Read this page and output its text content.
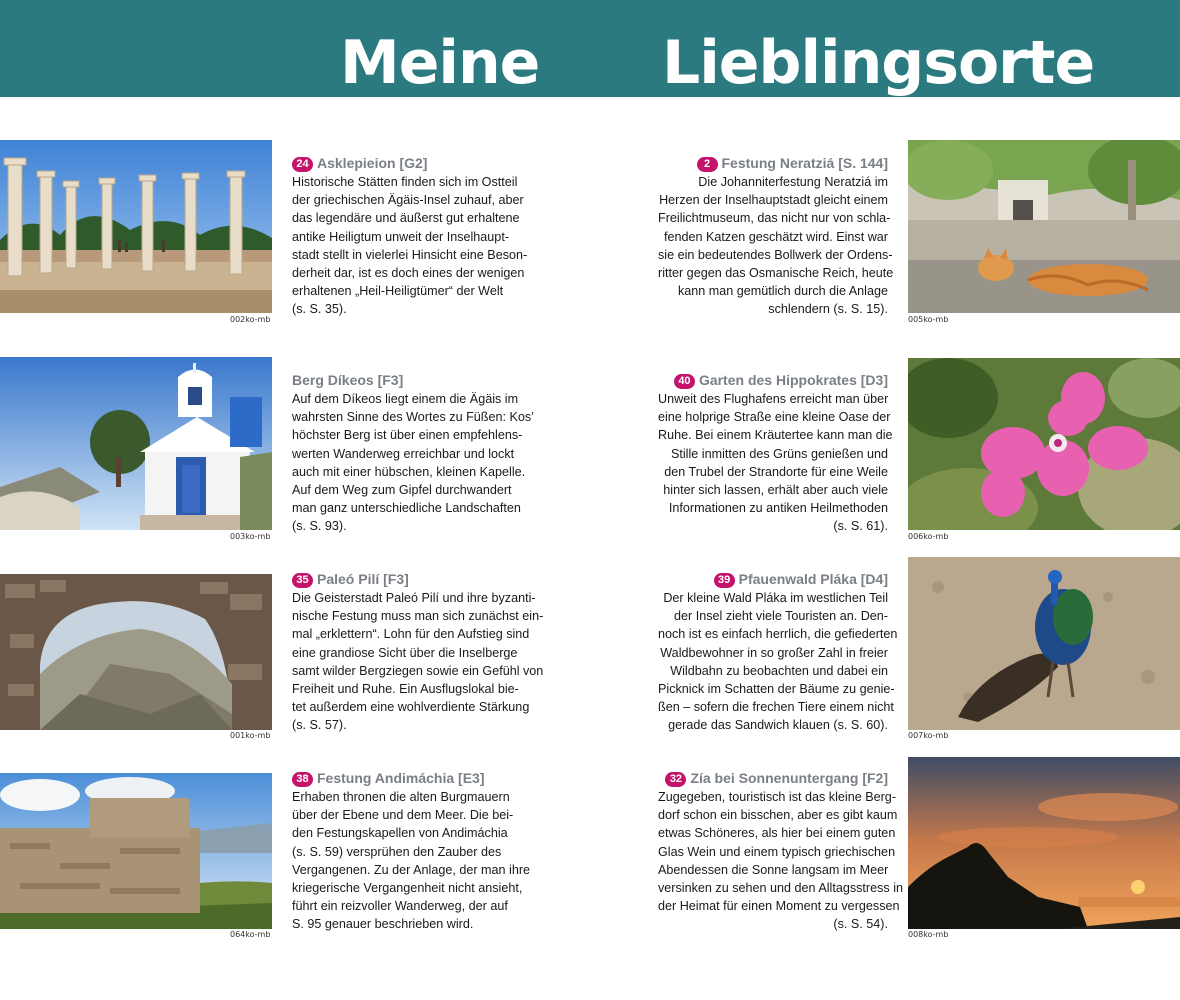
Meine Lieblingsorte
002ko-mb
003ko-mb
001ko-mb
064ko-mb
005ko-mb
006ko-mb
007ko-mb
008ko-mb
24 Asklepieion [G2]
Historische Stätten finden sich im Ostteil
der griechischen Ägäis-Insel zuhauf, aber
das legendäre und äußerst gut erhaltene
antike Heiligtum unweit der Inselhaupt-
stadt stellt in vielerlei Hinsicht eine Beson-
derheit dar, ist es doch eines der wenigen
erhaltenen „Heil-Heiligtümer“ der Welt
(s. S. 35).
Berg Díkeos [F3]
Auf dem Díkeos liegt einem die Ägäis im
wahrsten Sinne des Wortes zu Füßen: Kos’
höchster Berg ist über einen empfehlens-
werten Wanderweg erreichbar und lockt
auch mit einer hübschen, kleinen Kapelle.
Auf dem Weg zum Gipfel durchwandert
man ganz unterschiedliche Landschaften
(s. S. 93).
35 Paleó Pilí [F3]
Die Geisterstadt Paleó Pilí und ihre byzanti-
nische Festung muss man sich zunächst ein-
mal „erklettern“. Lohn für den Aufstieg sind
eine grandiose Sicht über die Inselberge
samt wilder Bergziegen sowie ein Gefühl von
Freiheit und Ruhe. Ein Ausflugslokal bie-
tet außerdem eine wohlverdiente Stärkung
(s. S. 57).
38 Festung Andimáchia [E3]
Erhaben thronen die alten Burgmauern
über der Ebene und dem Meer. Die bei-
den Festungskapellen von Andimáchia
(s. S. 59) versprühen den Zauber des
Vergangenen. Zu der Anlage, der man ihre
kriegerische Vergangenheit nicht ansieht,
führt ein reizvoller Wanderweg, der auf
S. 95 genauer beschrieben wird.
2 Festung Neratziá [S. 144]
Die Johanniterfestung Neratziá im
Herzen der Inselhauptstadt gleicht einem
Freilichtmuseum, das nicht nur von schla-
fenden Katzen geschätzt wird. Einst war
sie ein bedeutendes Bollwerk der Ordens-
ritter gegen das Osmanische Reich, heute
kann man gemütlich durch die Anlage
schlendern (s. S. 15).
40 Garten des Hippokrates [D3]
Unweit des Flughafens erreicht man über
eine holprige Straße eine kleine Oase der
Ruhe. Bei einem Kräutertee kann man die
Stille inmitten des Grüns genießen und
den Trubel der Strandorte für eine Weile
hinter sich lassen, erhält aber auch viele
Informationen zu antiken Heilmethoden
(s. S. 61).
39 Pfauenwald Pláka [D4]
Der kleine Wald Pláka im westlichen Teil
der Insel zieht viele Touristen an. Den-
noch ist es einfach herrlich, die gefiederten
Waldbewohner in so großer Zahl in freier
Wildbahn zu beobachten und dabei ein
Picknick im Schatten der Bäume zu genie-
ßen – sofern die frechen Tiere einem nicht
gerade das Sandwich klauen (s. S. 60).
32 Zía bei Sonnenuntergang [F2]
Zugegeben, touristisch ist das kleine Berg-
dorf schon ein bisschen, aber es gibt kaum
etwas Schöneres, als hier bei einem guten
Glas Wein und einem typisch griechischen
Abendessen die Sonne langsam im Meer
versinken zu sehen und den Alltagsstress in
der Heimat für einen Moment zu vergessen
(s. S. 54).
